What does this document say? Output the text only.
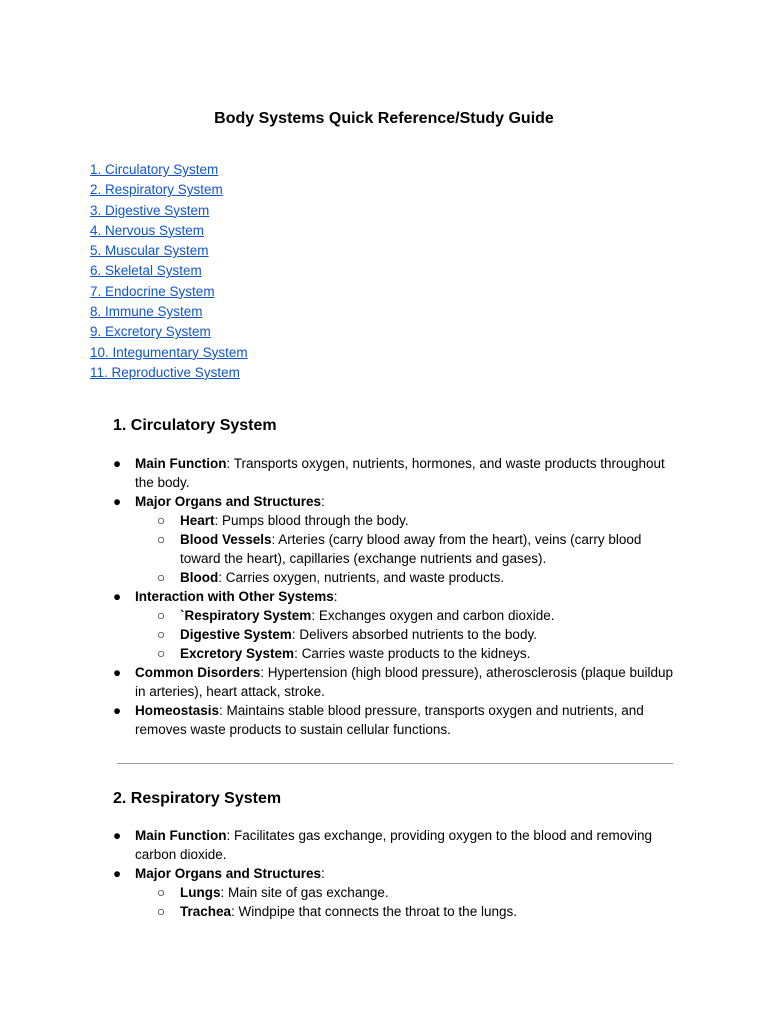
Body Systems Quick Reference/Study Guide
1. Circulatory System
2. Respiratory System
3. Digestive System
4. Nervous System
5. Muscular System
6. Skeletal System
7. Endocrine System
8. Immune System
9. Excretory System
10. Integumentary System
11. Reproductive System
1. Circulatory System
● Main Function: Transports oxygen, nutrients, hormones, and waste products throughout the body.
● Major Organs and Structures:
○ Heart: Pumps blood through the body.
○ Blood Vessels: Arteries (carry blood away from the heart), veins (carry blood toward the heart), capillaries (exchange nutrients and gases).
○ Blood: Carries oxygen, nutrients, and waste products.
● Interaction with Other Systems:
○ `Respiratory System: Exchanges oxygen and carbon dioxide.
○ Digestive System: Delivers absorbed nutrients to the body.
○ Excretory System: Carries waste products to the kidneys.
● Common Disorders: Hypertension (high blood pressure), atherosclerosis (plaque buildup in arteries), heart attack, stroke.
● Homeostasis: Maintains stable blood pressure, transports oxygen and nutrients, and removes waste products to sustain cellular functions.
2. Respiratory System
● Main Function: Facilitates gas exchange, providing oxygen to the blood and removing carbon dioxide.
● Major Organs and Structures:
○ Lungs: Main site of gas exchange.
○ Trachea: Windpipe that connects the throat to the lungs.
